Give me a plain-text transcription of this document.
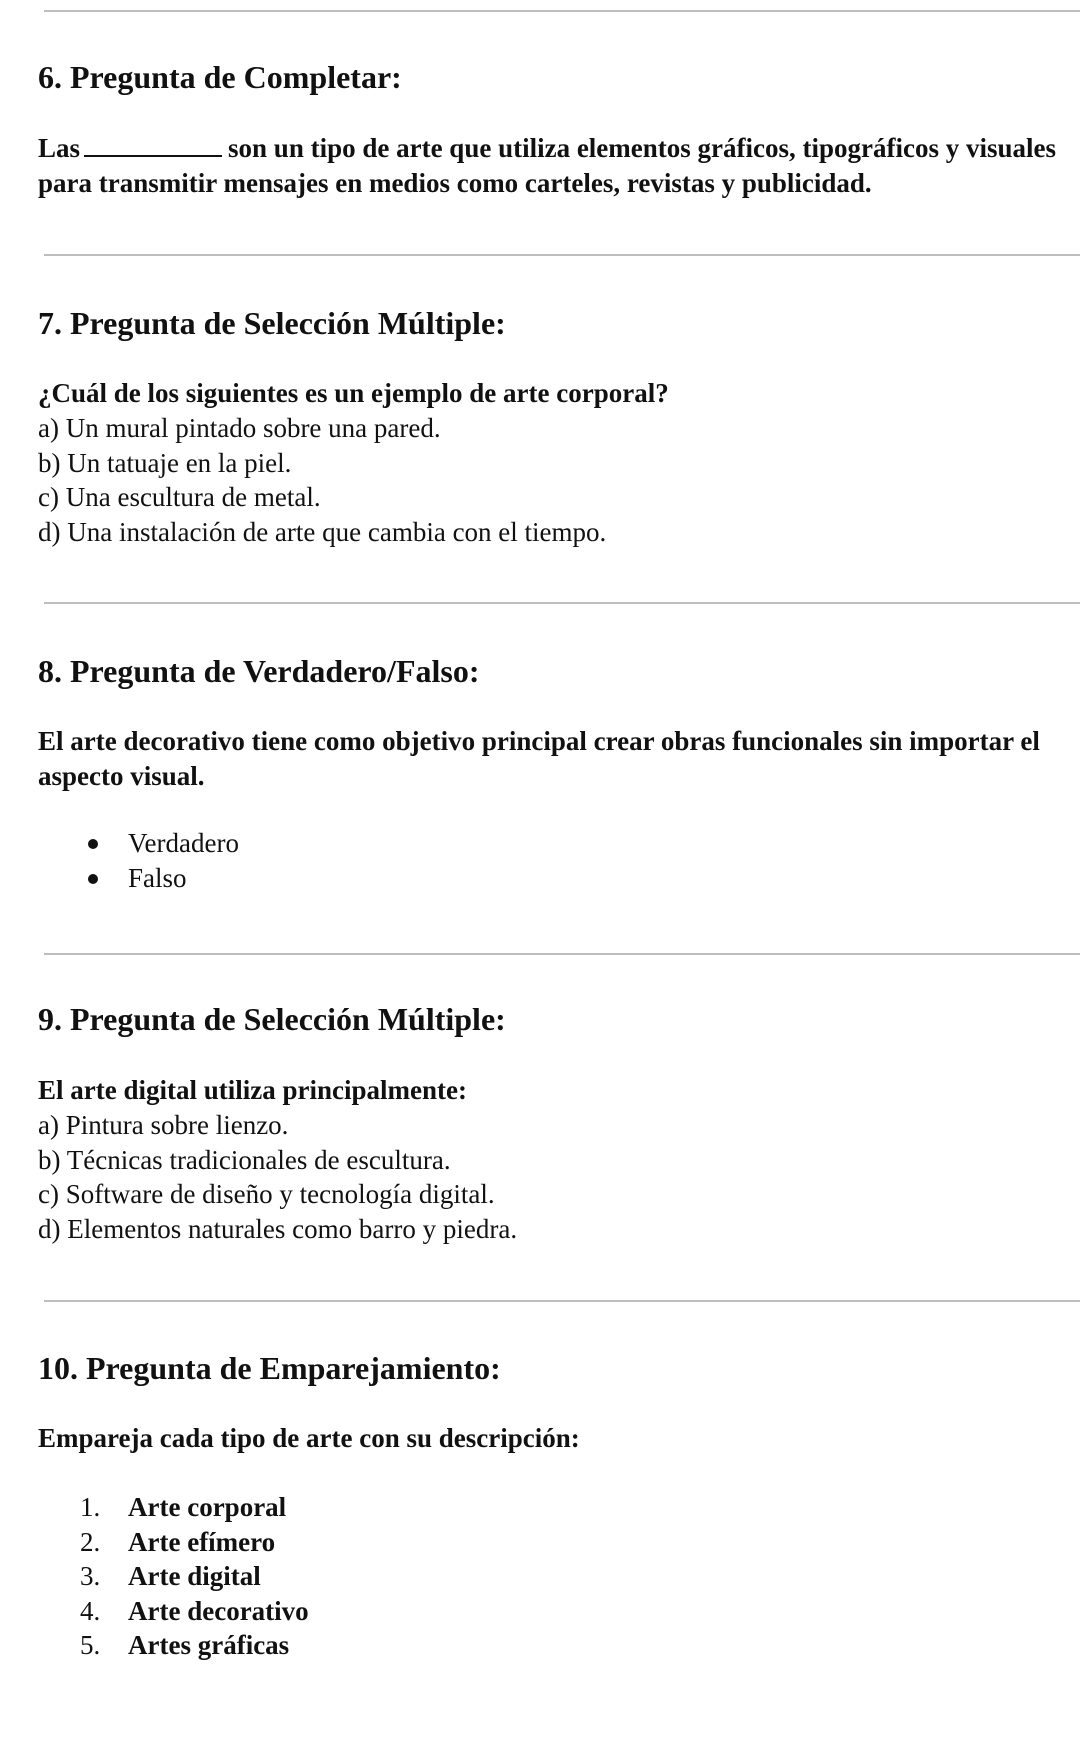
6. Pregunta de Completar:

Las	son un tipo de arte que utiliza elementos gráficos, tipográficos y visuales para transmitir mensajes en medios como carteles, revistas y publicidad.

7. Pregunta de Selección Múltiple:

¿Cuál de los siguientes es un ejemplo de arte corporal?

a) Un mural pintado sobre una pared.
b) Un tatuaje en la piel.
c) Una escultura de metal.
d) Una instalación de arte que cambia con el tiempo.
8. Pregunta de Verdadero/Falso:

El arte decorativo tiene como objetivo principal crear obras funcionales sin importar el aspecto visual.

Verdadero
Falso
9. Pregunta de Selección Múltiple:

El arte digital utiliza principalmente:

a) Pintura sobre lienzo.
b) Técnicas tradicionales de escultura.
c) Software de diseño y tecnología digital.
d) Elementos naturales como barro y piedra.
10. Pregunta de Emparejamiento:

Empareja cada tipo de arte con su descripción:

1. Arte corporal
2. Arte efímero
3. Arte digital
4. Arte decorativo
5. Artes gráficas
